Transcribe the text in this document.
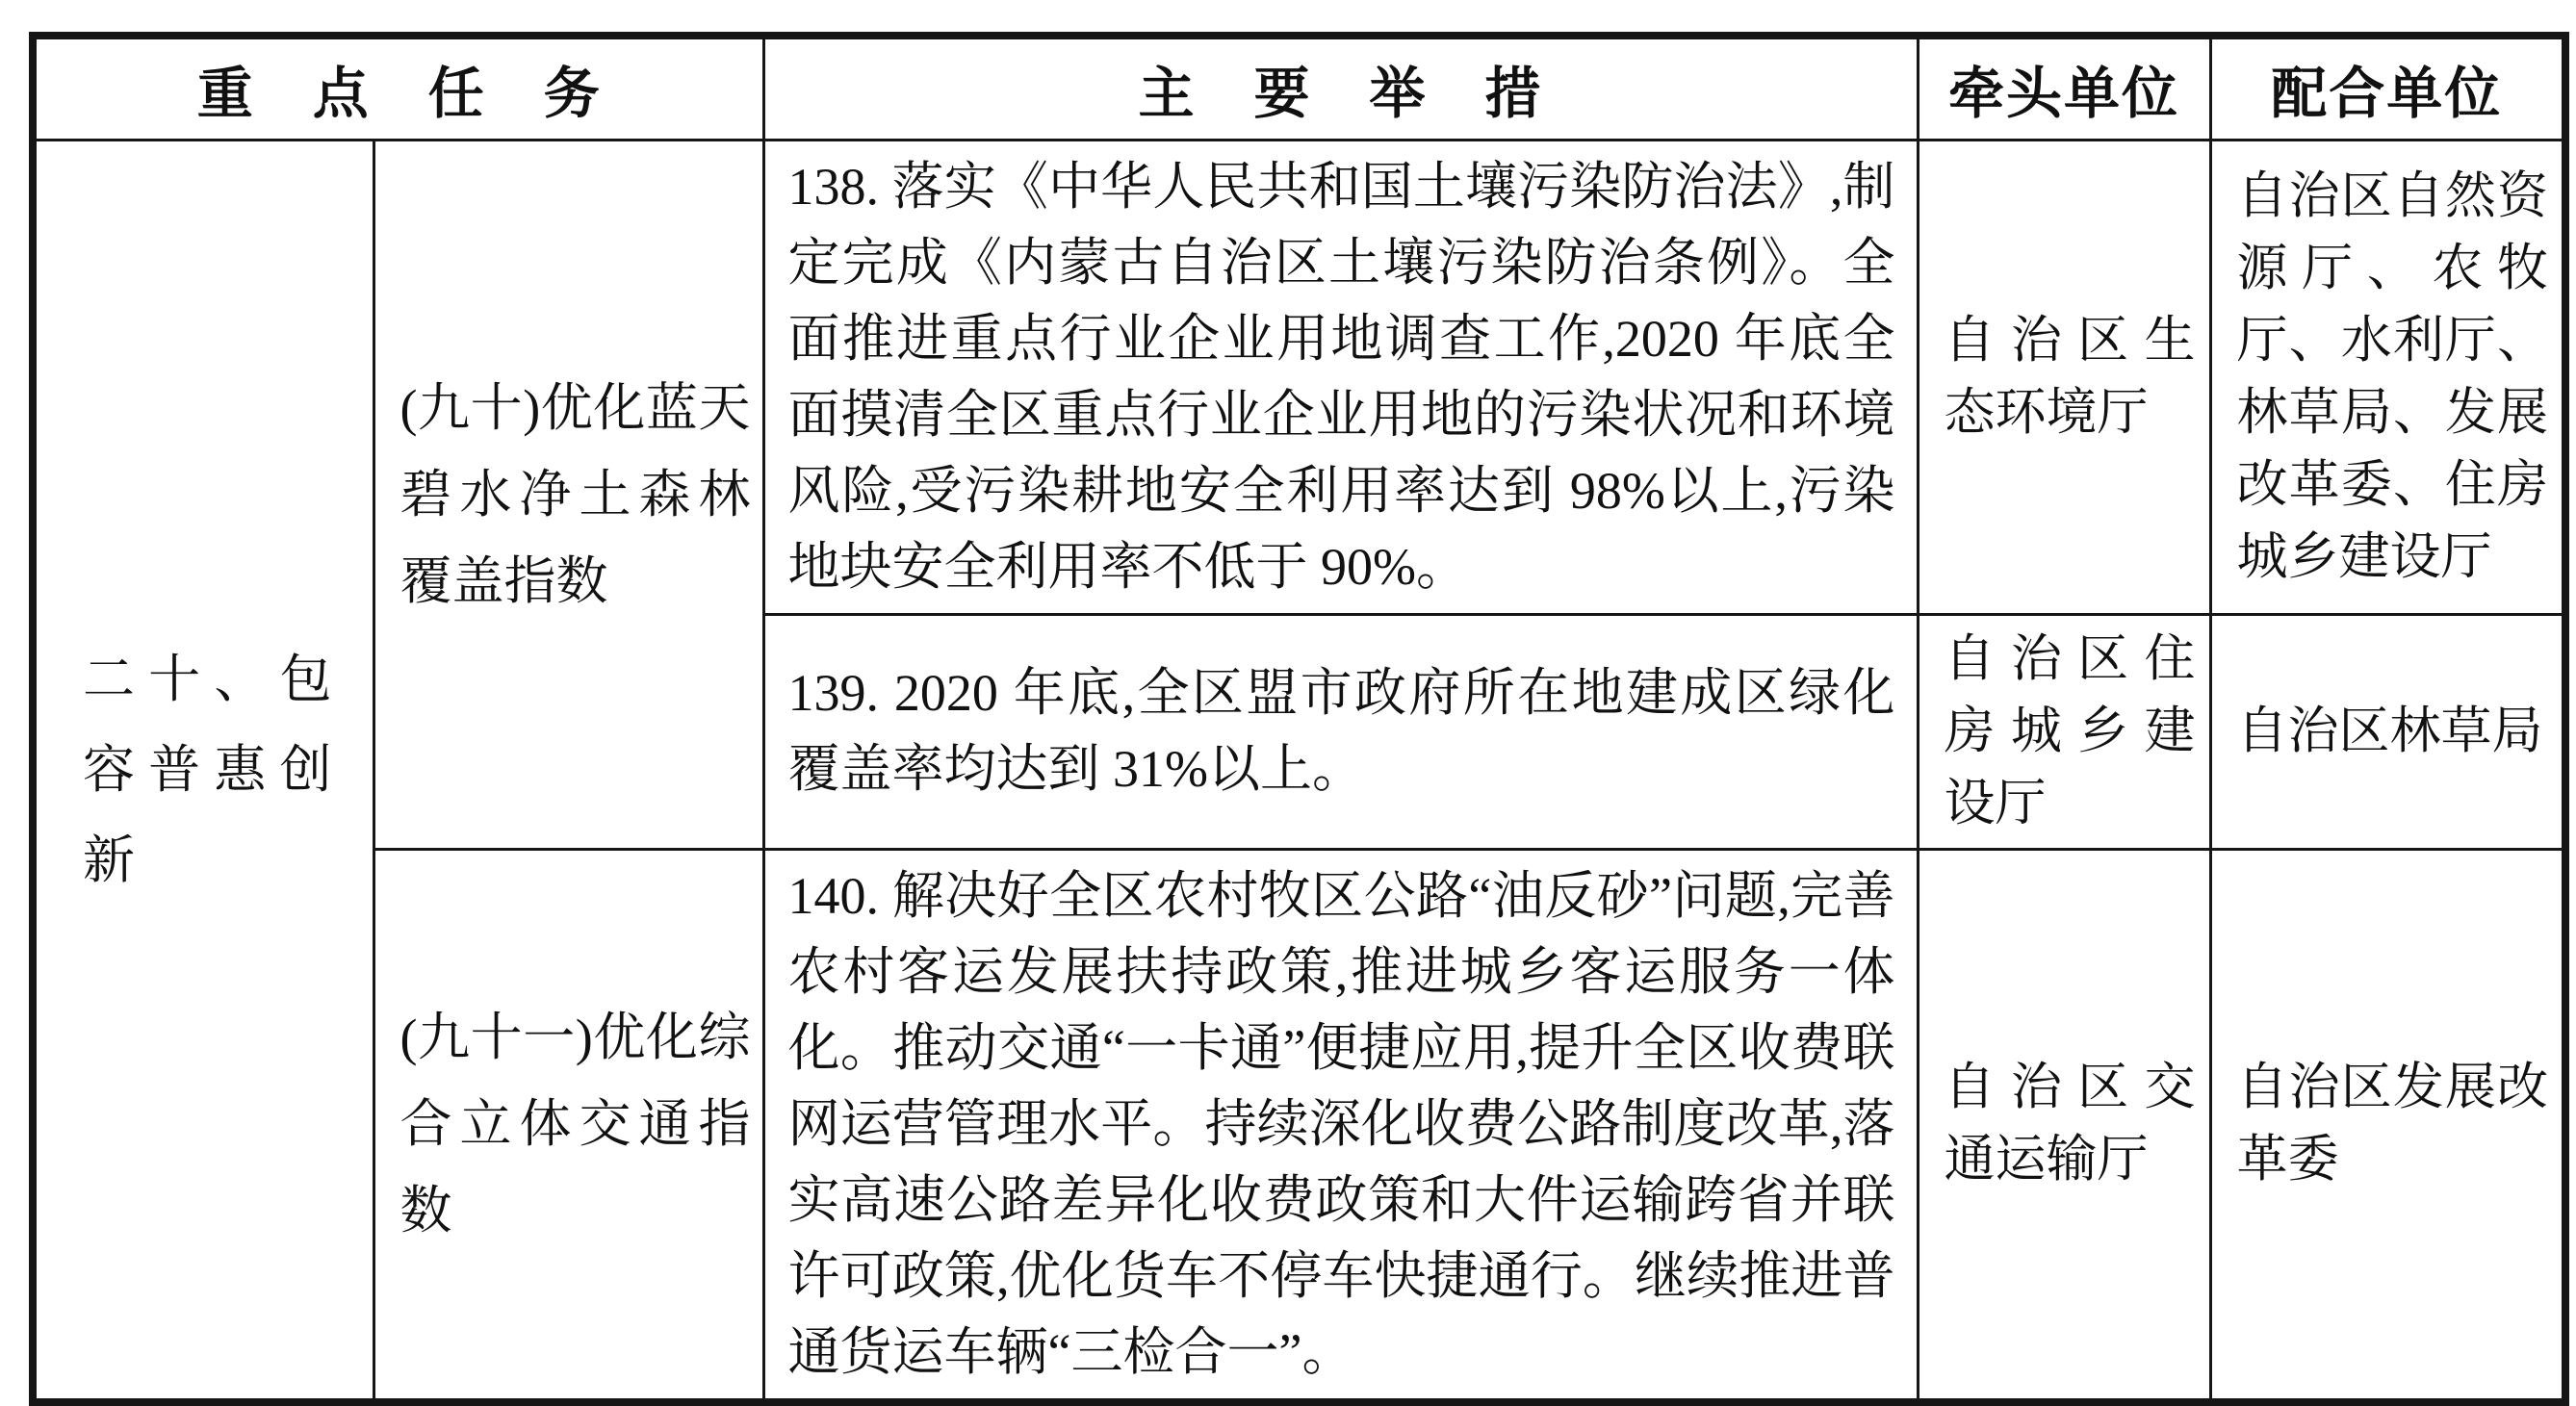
重　点　任　务		主　要　举　措	牵头单位	配合单位
二十、包容普惠创新	(九十)优化蓝天碧水净土森林覆盖指数	138. 落实《中华人民共和国土壤污染防治法》,制定完成《内蒙古自治区土壤污染防治条例》。全面推进重点行业企业用地调查工作,2020 年底全面摸清全区重点行业企业用地的污染状况和环境风险,受污染耕地安全利用率达到 98%以上,污染地块安全利用率不低于 90%。	自治区生态环境厅	自治区自然资源厅、农牧厅、水利厅、林草局、发展改革委、住房城乡建设厅
		139. 2020 年底,全区盟市政府所在地建成区绿化覆盖率均达到 31%以上。	自治区住房城乡建设厅	自治区林草局
	(九十一)优化综合立体交通指数	140. 解决好全区农村牧区公路“油反砂”问题,完善农村客运发展扶持政策,推进城乡客运服务一体化。推动交通“一卡通”便捷应用,提升全区收费联网运营管理水平。持续深化收费公路制度改革,落实高速公路差异化收费政策和大件运输跨省并联许可政策,优化货车不停车快捷通行。继续推进普通货运车辆“三检合一”。	自治区交通运输厅	自治区发展改革委
